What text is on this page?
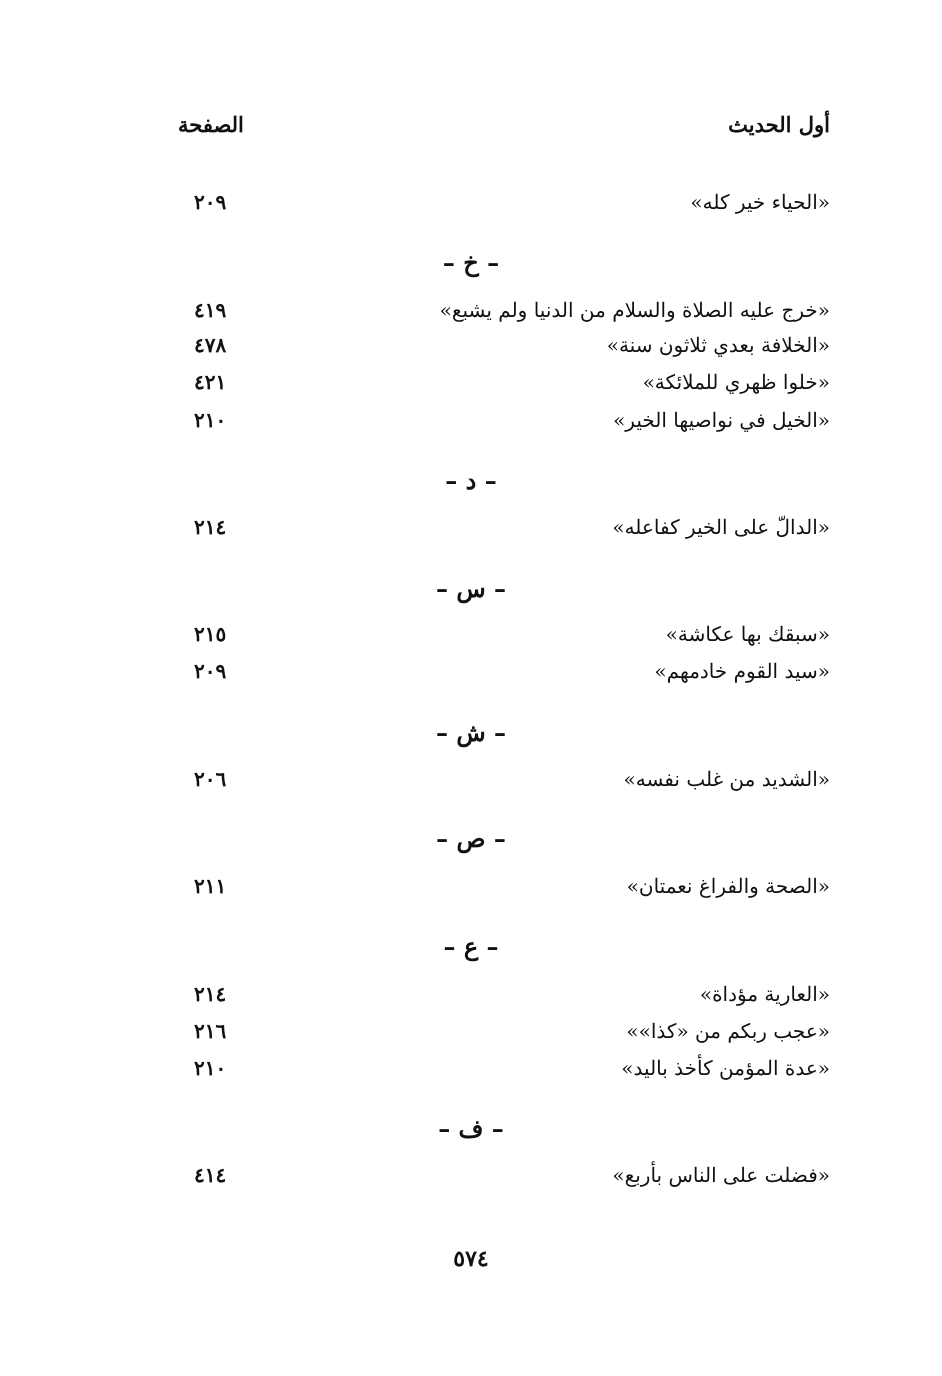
أول الحديث
الصفحة
«الحياء خير كله»
٢٠٩
– خ –
«خرج عليه الصلاة والسلام من الدنيا ولم يشبع»
٤١٩
«الخلافة بعدي ثلاثون سنة»
٤٧٨
«خلوا ظهري للملائكة»
٤٢١
«الخيل في نواصيها الخير»
٢١٠
– د –
«الدالّ على الخير كفاعله»
٢١٤
– س –
«سبقك بها عكاشة»
٢١٥
«سيد القوم خادمهم»
٢٠٩
– ش –
«الشديد من غلب نفسه»
٢٠٦
– ص –
«الصحة والفراغ نعمتان»
٢١١
– ع –
«العارية مؤداة»
٢١٤
«عجب ربكم من «كذا»»
٢١٦
«عدة المؤمن كأخذ باليد»
٢١٠
– ف –
«فضلت على الناس بأربع»
٤١٤
٥٧٤
